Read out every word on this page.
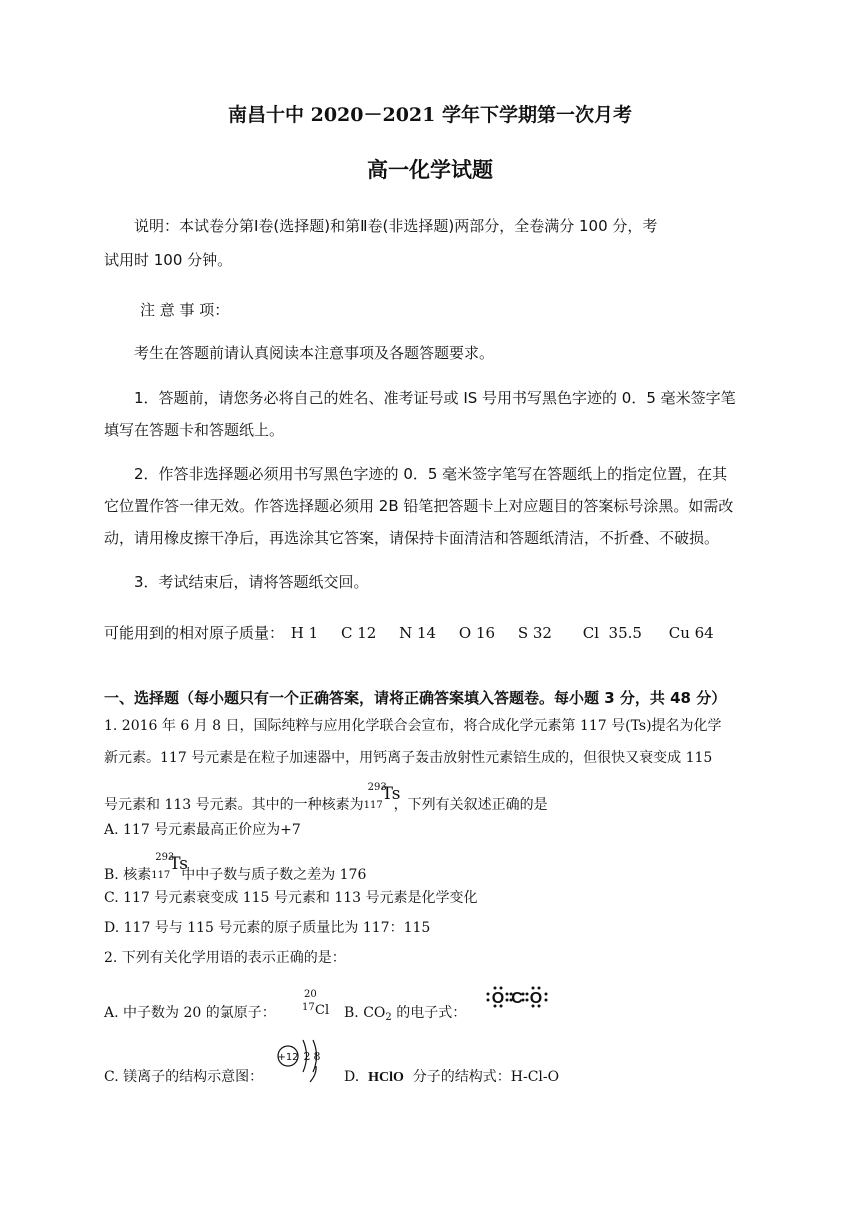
南昌十中 2020－2021 学年下学期第一次月考
高一化学试题
说明：本试卷分第Ⅰ卷(选择题)和第Ⅱ卷(非选择题)两部分，全卷满分 100 分，考
试用时 100 分钟。
注 意 事 项：
考生在答题前请认真阅读本注意事项及各题答题要求。
1．答题前，请您务必将自己的姓名、准考证号或 IS 号用书写黑色字迹的 0．5 毫米签字笔
填写在答题卡和答题纸上。
2．作答非选择题必须用书写黑色字迹的 0．5 毫米签字笔写在答题纸上的指定位置，在其
它位置作答一律无效。作答选择题必须用 2B 铅笔把答题卡上对应题目的答案标号涂黑。如需改
动，请用橡皮擦干净后，再选涂其它答案，请保持卡面清洁和答题纸清洁，不折叠、不破损。
3．考试结束后，请将答题纸交回。
可能用到的相对原子质量： H 1 C 12 N 14 O 16 S 32 Cl  35.5 Cu 64
一、选择题（每小题只有一个正确答案，请将正确答案填入答题卷。每小题 3 分，共 48 分）
1. 2016 年 6 月 8 日，国际纯粹与应用化学联合会宣布，将合成化学元素第 117 号(Ts)提名为化学
新元素。117 号元素是在粒子加速器中，用钙离子轰击放射性元素锫生成的，但很快又衰变成 115
号元素和 113 号元素。其中的一种核素为
293
117
Ts
，下列有关叙述正确的是
A. 117 号元素最高正价应为+7
B. 核素
293
117
Ts
中中子数与质子数之差为 176
C. 117 号元素衰变成 115 号元素和 113 号元素是化学变化
D. 117 号与 115 号元素的原子质量比为 117：115
2. 下列有关化学用语的表示正确的是：
A. 中子数为 20 的氯原子：
20
17 Cl B. $CO_2$ 的电子式：
O C O
C. 镁离子的结构示意图：
+12 2 8
D.  HClO  分子的结构式：H-Cl-O
